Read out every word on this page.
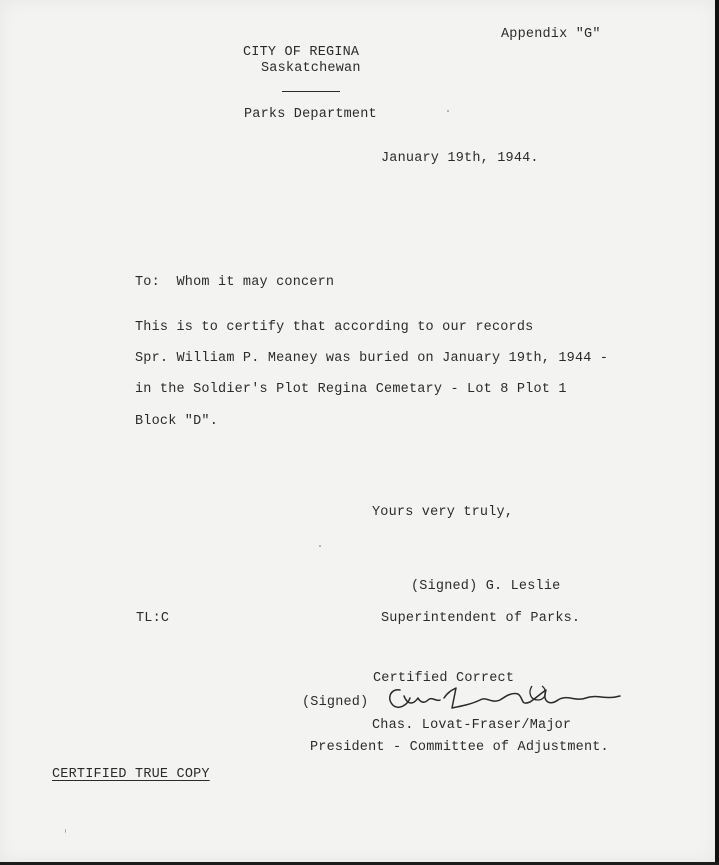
Appendix "G"
CITY OF REGINA
Saskatchewan
Parks Department
January 19th, 1944.
To:  Whom it may concern
This is to certify that according to our records
Spr. William P. Meaney was buried on January 19th, 1944 -
in the Soldier's Plot Regina Cemetary - Lot 8 Plot 1
Block "D".
Yours very truly,
(Signed) G. Leslie
TL:C	Superintendent of Parks.
Certified Correct
(Signed)
Chas. Lovat-Fraser/Major
President - Committee of Adjustment.
CERTIFIED TRUE COPY
